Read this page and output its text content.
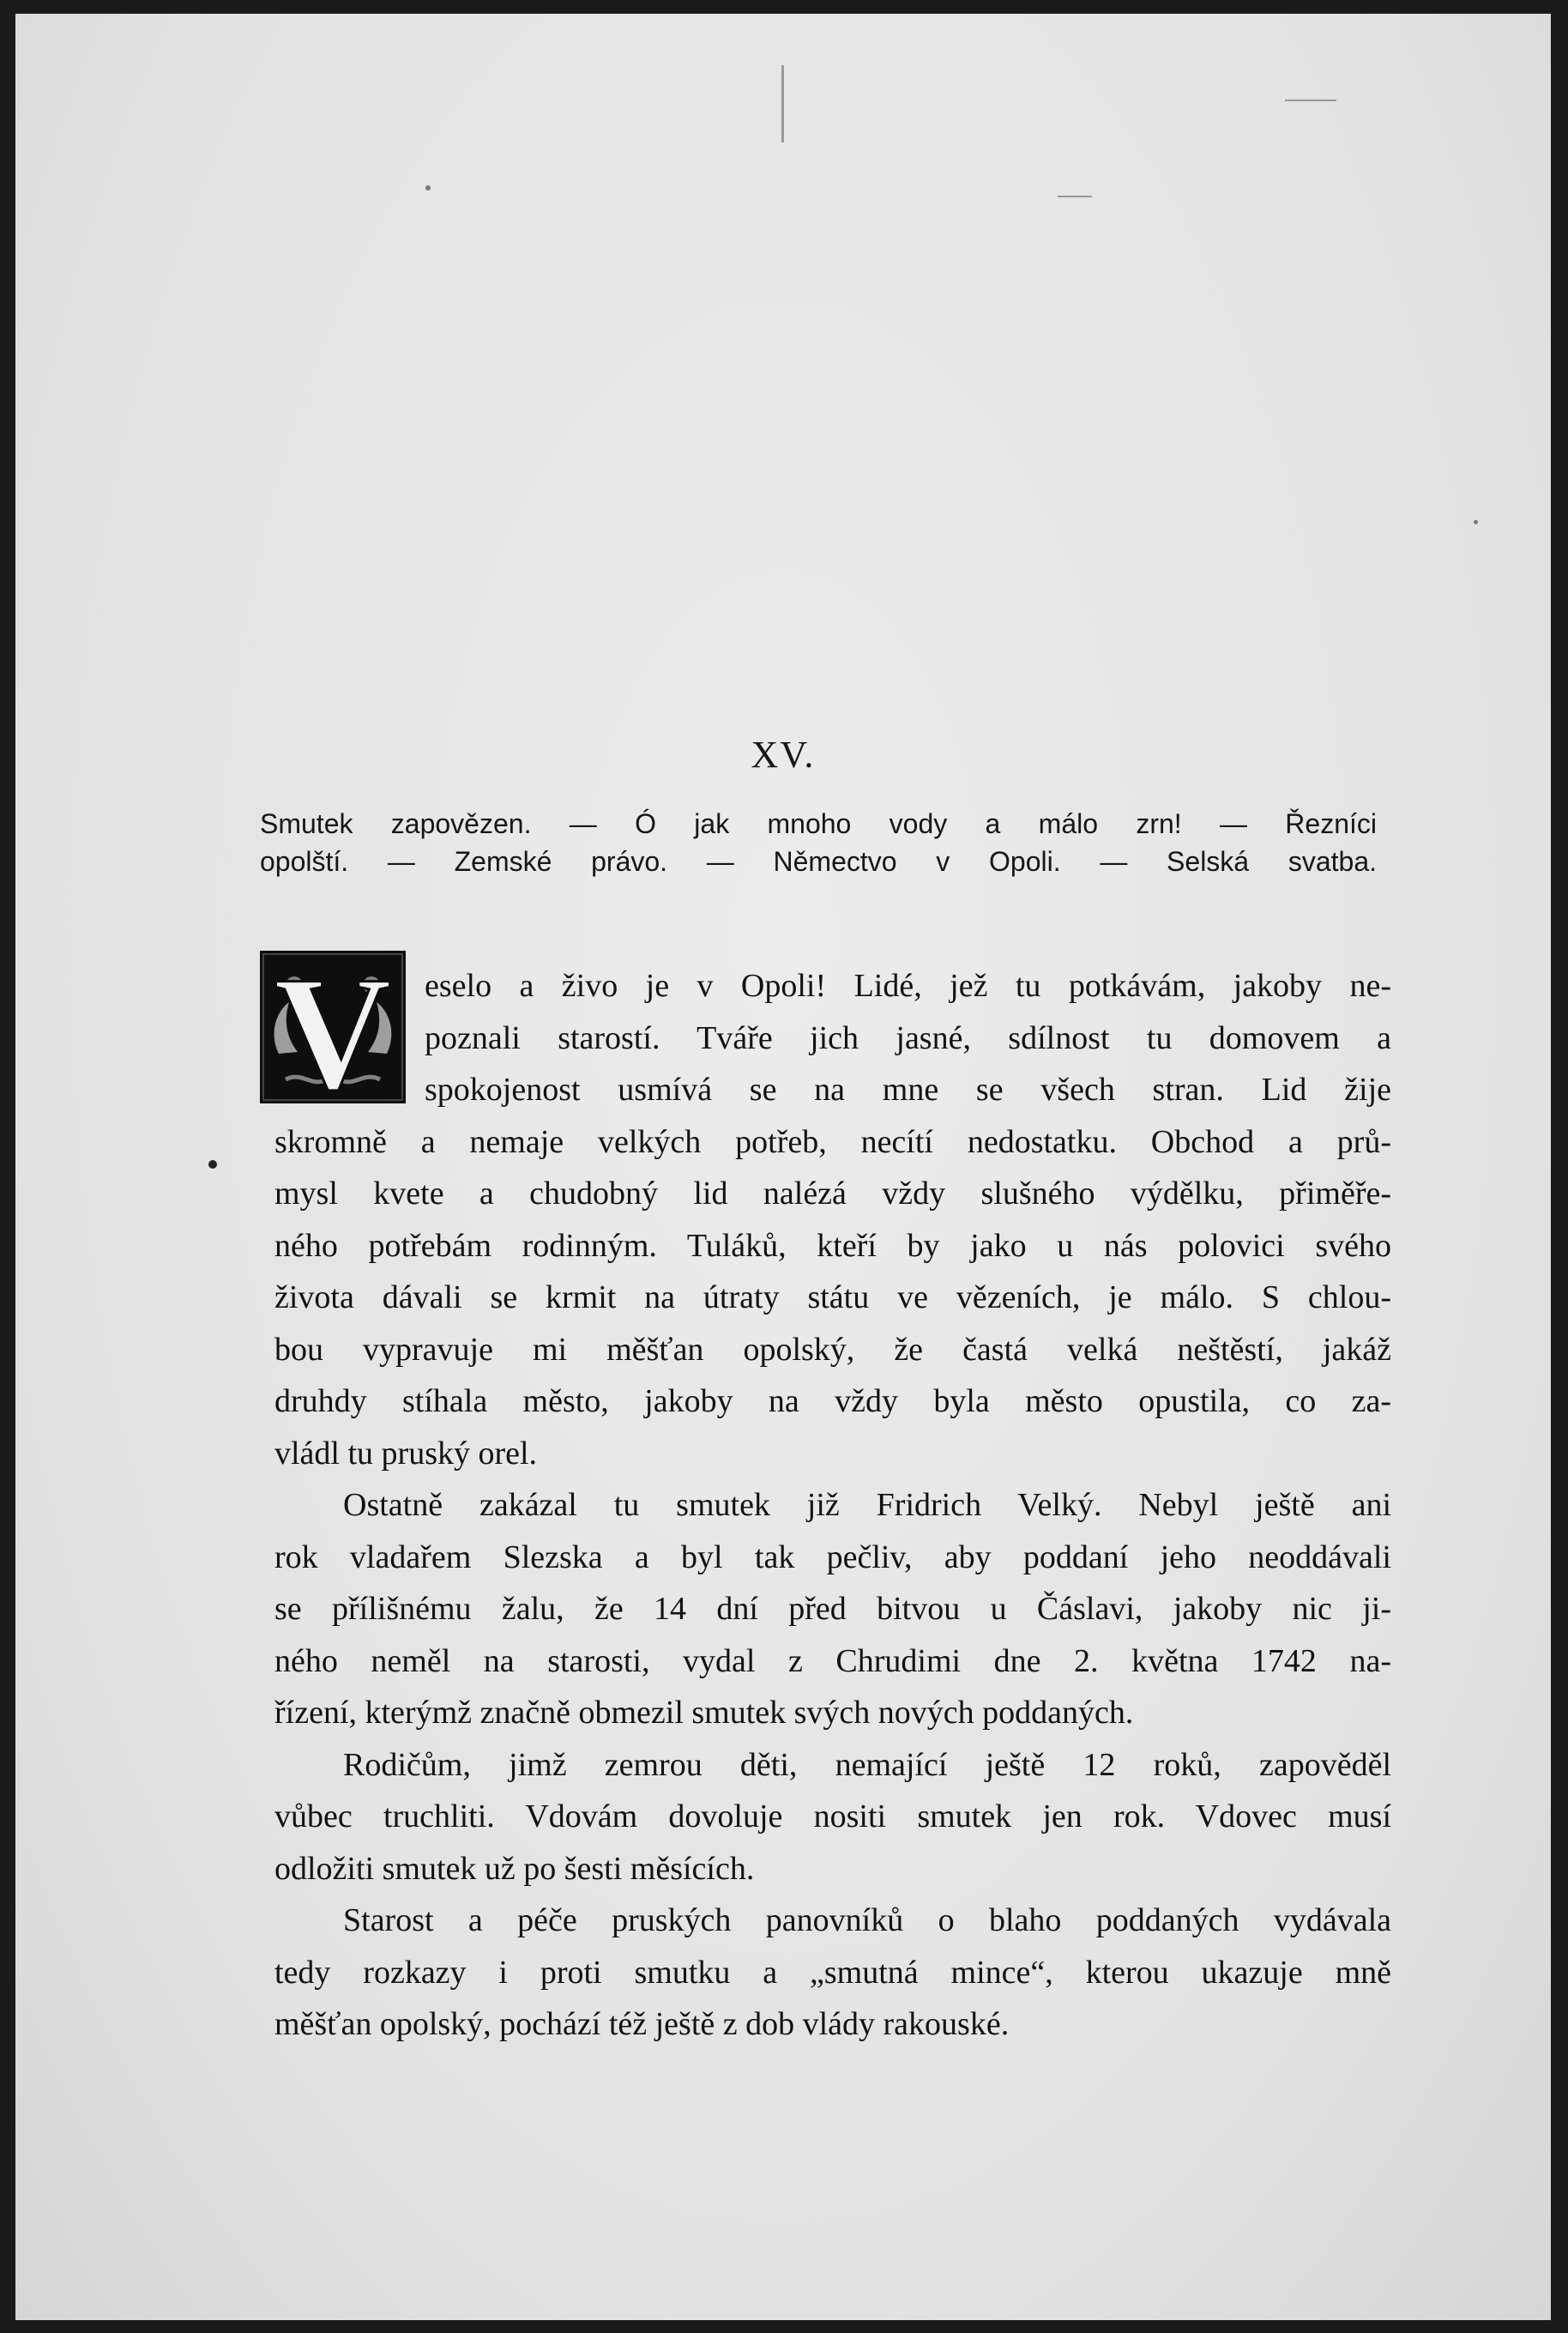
XV.
Smutek zapovězen. — Ó jak mnoho vody a málo zrn! — Řezníci
opolští. — Zemské právo. — Němectvo v Opoli. — Selská svatba.
V	eselo a živo je v Opoli! Lidé, jež tu potkávám, jakoby ne-
poznali starostí. Tváře jich jasné, sdílnost tu domovem a
spokojenost usmívá se na mne se všech stran. Lid žije
skromně a nemaje velkých potřeb, necítí nedostatku. Obchod a prů-
mysl kvete a chudobný lid nalézá vždy slušného výdělku, přiměře-
ného potřebám rodinným. Tuláků, kteří by jako u nás polovici svého
života dávali se krmit na útraty státu ve vězeních, je málo. S chlou-
bou vypravuje mi měšťan opolský, že častá velká neštěstí, jakáž
druhdy stíhala město, jakoby na vždy byla město opustila, co za-
vládl tu pruský orel.
Ostatně zakázal tu smutek již Fridrich Velký. Nebyl ještě ani
rok vladařem Slezska a byl tak pečliv, aby poddaní jeho neoddávali
se přílišnému žalu, že 14 dní před bitvou u Čáslavi, jakoby nic ji-
ného neměl na starosti, vydal z Chrudimi dne 2. května 1742 na-
řízení, kterýmž značně obmezil smutek svých nových poddaných.
Rodičům, jimž zemrou děti, nemající ještě 12 roků, zapověděl
vůbec truchliti. Vdovám dovoluje nositi smutek jen rok. Vdovec musí
odložiti smutek už po šesti měsících.
Starost a péče pruských panovníků o blaho poddaných vydávala
tedy rozkazy i proti smutku a „smutná mince“, kterou ukazuje mně
měšťan opolský, pochází též ještě z dob vlády rakouské.
